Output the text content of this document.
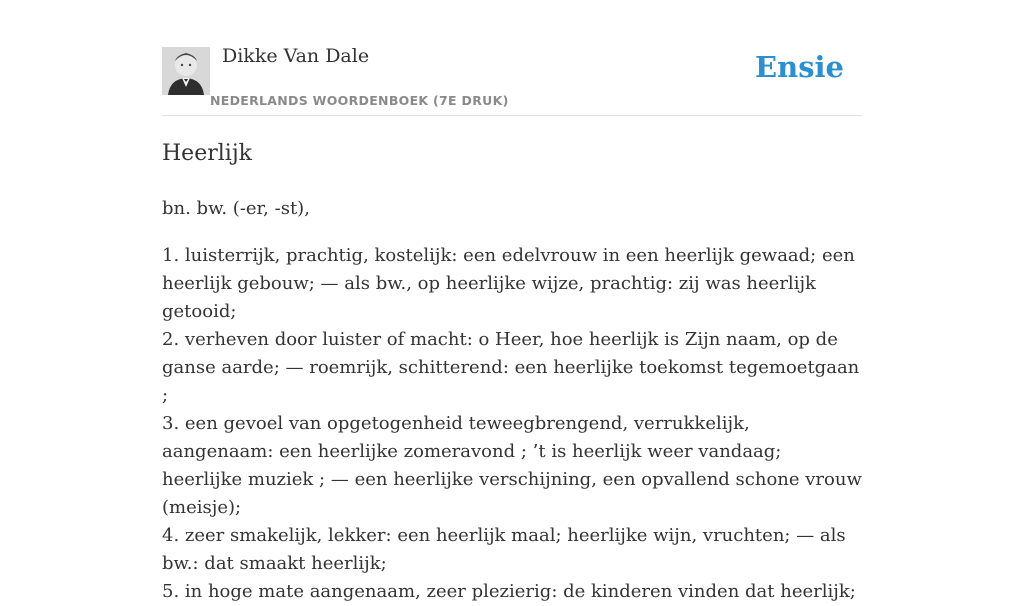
Dikke Van Dale
NEDERLANDS WOORDENBOEK (7E DRUK)
Ensie
Heerlijk

bn. bw. (-er, -st),

1. luisterrijk, prachtig, kostelijk: een edelvrouw in een heerlijk gewaad; een heerlijk gebouw; — als bw., op heerlijke wijze, prachtig: zij was heerlijk getooid;

2. verheven door luister of macht: o Heer, hoe heerlijk is Zijn naam, op de ganse aarde; — roemrijk, schitterend: een heerlijke toekomst tegemoetgaan ;

3. een gevoel van opgetogenheid teweegbrengend, verrukkelijk, aangenaam: een heerlijke zomeravond ; ’t is heerlijk weer vandaag; heerlijke muziek ; — een heerlijke verschijning, een opvallend schone vrouw (meisje);

4. zeer smakelijk, lekker: een heerlijk maal; heerlijke wijn, vruchten; — als bw.: dat smaakt heerlijk;

5. in hoge mate aangenaam, zeer plezierig: de kinderen vinden dat heerlijk;
